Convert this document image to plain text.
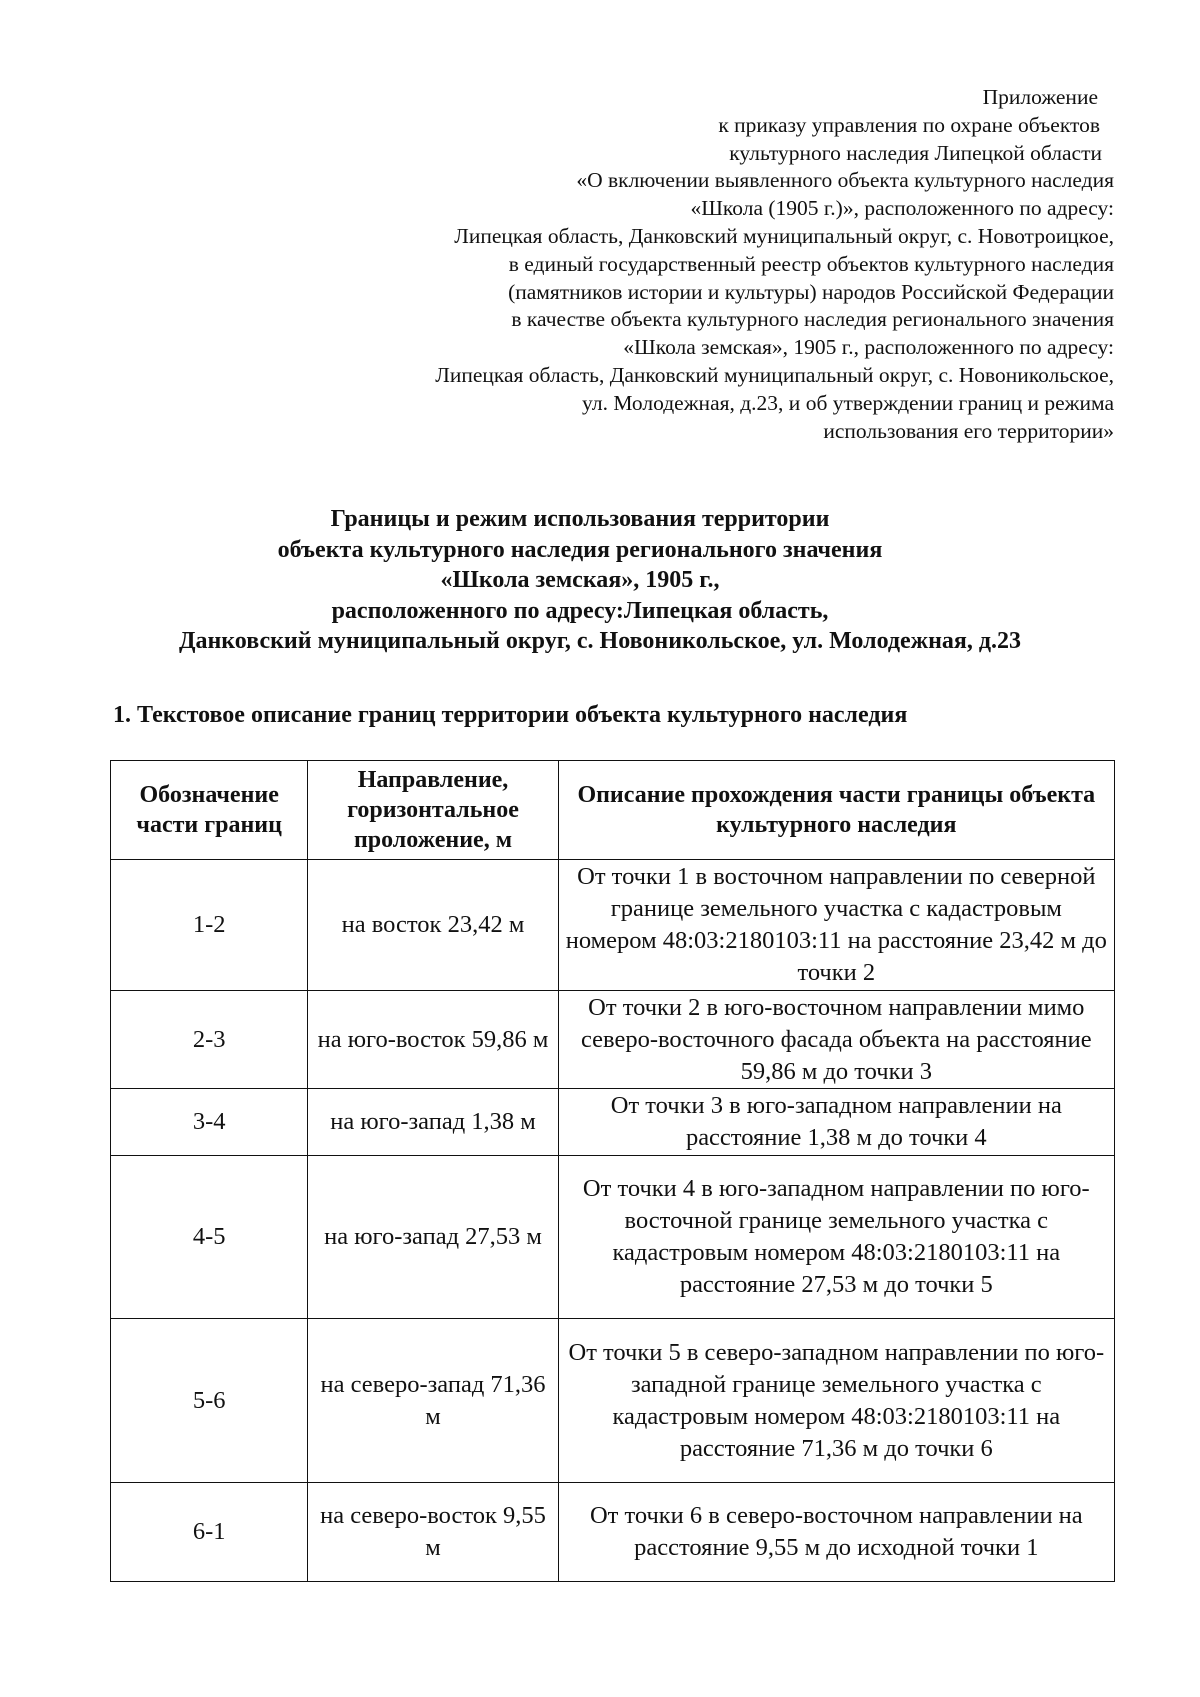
Приложение
к приказу управления по охране объектов
культурного наследия Липецкой области
«О включении выявленного объекта культурного наследия
«Школа (1905 г.)», расположенного по адресу:
Липецкая область, Данковский муниципальный округ, с. Новотроицкое,
в единый государственный реестр объектов культурного наследия
(памятников истории и культуры) народов Российской Федерации
в качестве объекта культурного наследия регионального значения
«Школа земская», 1905 г., расположенного по адресу:
Липецкая область, Данковский муниципальный округ, с. Новоникольское,
ул. Молодежная, д.23, и об утверждении границ и режима
использования его территории»
Границы и режим использования территории
объекта культурного наследия регионального значения
«Школа земская», 1905 г.,
расположенного по адресу:Липецкая область,
Данковский муниципальный округ, с. Новоникольское, ул. Молодежная, д.23
1. Текстовое описание границ территории объекта культурного наследия
Обозначение части границ	Направление, горизонтальное проложение, м	Описание прохождения части границы объекта культурного наследия
1-2	на восток 23,42 м	От точки 1 в восточном направлении по северной границе земельного участка с кадастровым номером 48:03:2180103:11 на расстояние 23,42 м до точки 2
2-3	на юго-восток 59,86 м	От точки 2 в юго-восточном направлении мимо северо-восточного фасада объекта на расстояние 59,86 м до точки 3
3-4	на юго-запад 1,38 м	От точки 3 в юго-западном направлении на расстояние 1,38 м до точки 4
4-5	на юго-запад 27,53 м	От точки 4 в юго-западном направлении по юго-восточной границе земельного участка с кадастровым номером 48:03:2180103:11 на расстояние 27,53 м до точки 5
5-6	на северо-запад 71,36 м	От точки 5 в северо-западном направлении по юго-западной границе земельного участка с кадастровым номером 48:03:2180103:11 на расстояние 71,36 м до точки 6
6-1	на северо-восток 9,55 м	От точки 6 в северо-восточном направлении на расстояние 9,55 м до исходной точки 1
